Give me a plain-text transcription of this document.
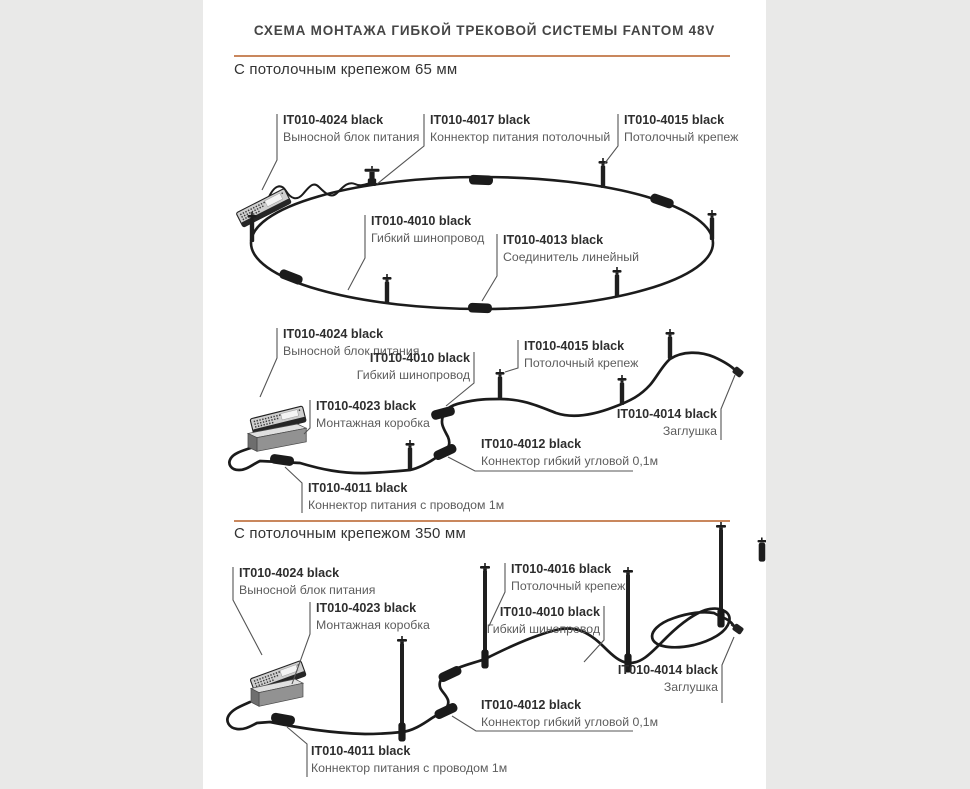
СХЕМА МОНТАЖА ГИБКОЙ ТРЕКОВОЙ СИСТЕМЫ FANTOM 48V
С потолочным крепежом 65 мм
С потолочным крепежом 350 мм
IT010-4024 black
Выносной блок питания
IT010-4017 black
Коннектор питания потолочный
IT010-4015 black
Потолочный крепеж
IT010-4010 black
Гибкий шинопровод IT010-4013 black
Соединитель линейный
IT010-4024 black
Выносной блок питания
IT010-4010 black
Гибкий шинопровод
IT010-4015 black
Потолочный крепеж
IT010-4023 black
Монтажная коробка
IT010-4014 black
Заглушка
IT010-4012 black
Коннектор гибкий угловой 0,1м
IT010-4011 black
Коннектор питания с проводом 1м
IT010-4024 black
Выносной блок питания
IT010-4023 black
Монтажная коробка
IT010-4016 black
Потолочный крепеж
IT010-4010 black
Гибкий шинопровод
IT010-4014 black
Заглушка
IT010-4012 black
Коннектор гибкий угловой 0,1м
IT010-4011 black
Коннектор питания с проводом 1м
